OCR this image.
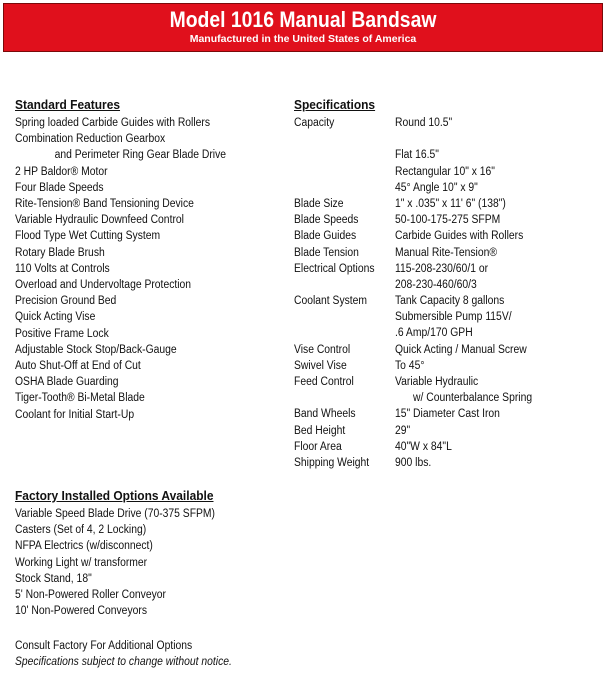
Model 1016 Manual Bandsaw
Manufactured in the United States of America
Standard Features
Spring loaded Carbide Guides with Rollers
Combination Reduction Gearbox
and Perimeter Ring Gear Blade Drive
2 HP Baldor® Motor
Four Blade Speeds
Rite-Tension® Band Tensioning Device
Variable Hydraulic Downfeed Control
Flood Type Wet Cutting System
Rotary Blade Brush
110 Volts at Controls
Overload and Undervoltage Protection
Precision Ground Bed
Quick Acting Vise
Positive Frame Lock
Adjustable Stock Stop/Back-Gauge
Auto Shut-Off at End of Cut
OSHA Blade Guarding
Tiger-Tooth® Bi-Metal Blade
Coolant for Initial Start-Up
Specifications
Capacity	Round 10.5"
Flat 16.5"
Rectangular 10" x 16"
45° Angle 10" x 9"
Blade Size	1" x .035" x 11' 6" (138")
Blade Speeds	50-100-175-275 SFPM
Blade Guides	Carbide Guides with Rollers
Blade Tension	Manual Rite-Tension®
Electrical Options	115-208-230/60/1 or
208-230-460/60/3
Coolant System	Tank Capacity 8 gallons
Submersible Pump 115V/
.6 Amp/170 GPH
Vise Control	Quick Acting / Manual Screw
Swivel Vise	To 45°
Feed Control	Variable Hydraulic
w/ Counterbalance Spring
Band Wheels	15" Diameter Cast Iron
Bed Height	29"
Floor Area	40"W x 84"L
Shipping Weight	900 lbs.
Factory Installed Options Available
Variable Speed Blade Drive (70-375 SFPM)
Casters (Set of 4, 2 Locking)
NFPA Electrics (w/disconnect)
Working Light w/ transformer
Stock Stand, 18"
5' Non-Powered Roller Conveyor
10' Non-Powered Conveyors
Consult Factory For Additional Options
Specifications subject to change without notice.
